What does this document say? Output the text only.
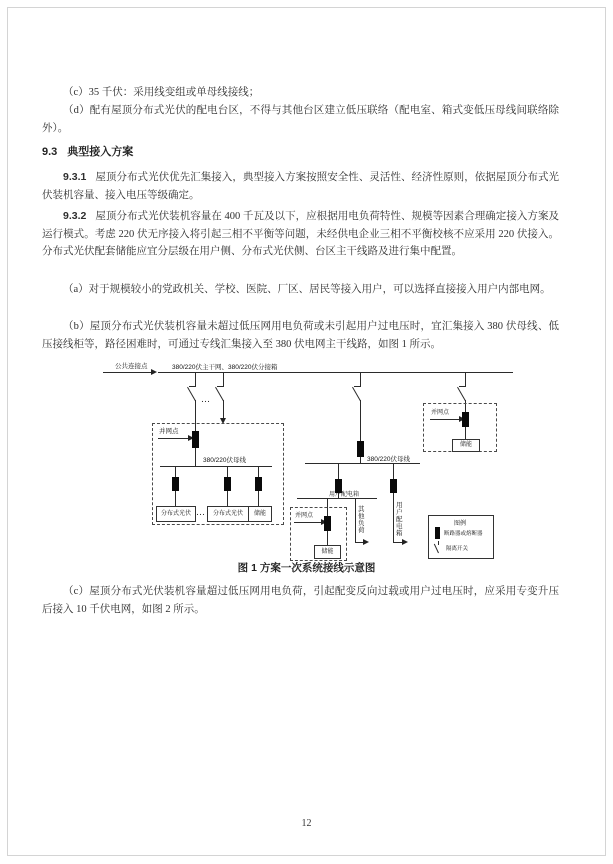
（c）35 千伏：采用线变组或单母线接线；

（d）配有屋顶分布式光伏的配电台区，不得与其他台区建立低压联络（配电室、箱式变低压母线间联络除外）。

9.3 典型接入方案

9.3.1 屋顶分布式光伏优先汇集接入，典型接入方案按照安全性、灵活性、经济性原则，依据屋顶分布式光伏装机容量、接入电压等级确定。

9.3.2 屋顶分布式光伏装机容量在 400 千瓦及以下，应根据用电负荷特性、规模等因素合理确定接入方案及运行模式。考虑 220 伏无序接入将引起三相不平衡等问题，未经供电企业三相不平衡校核不应采用 220 伏接入。分布式光伏配套储能应宜分层级在用户侧、分布式光伏侧、台区主干线路及进行集中配置。

（a）对于规模较小的党政机关、学校、医院、厂区、居民等接入用户，可以选择直接接入用户内部电网。

（b）屋顶分布式光伏装机容量未超过低压网用电负荷或未引起用户过电压时，宜汇集接入 380 伏母线、低压接线柜等，路径困难时，可通过专线汇集接入至 380 伏电网主干线路，如图 1 所示。

公共连接点	380/220伏主干网、380/220伏分接箱
…
并网点
380/220伏母线
分布式光伏 …	分布式光伏	储能
380/220伏母线
用户配电箱
并网点
储能
其他负荷
用户配电箱
并网点
储能
图例
断路器或熔断器
隔离开关

图 1 方案一次系统接线示意图

（c）屋顶分布式光伏装机容量超过低压网用电负荷，引起配变反向过载或用户过电压时，应采用专变升压后接入 10 千伏电网，如图 2 所示。

12
